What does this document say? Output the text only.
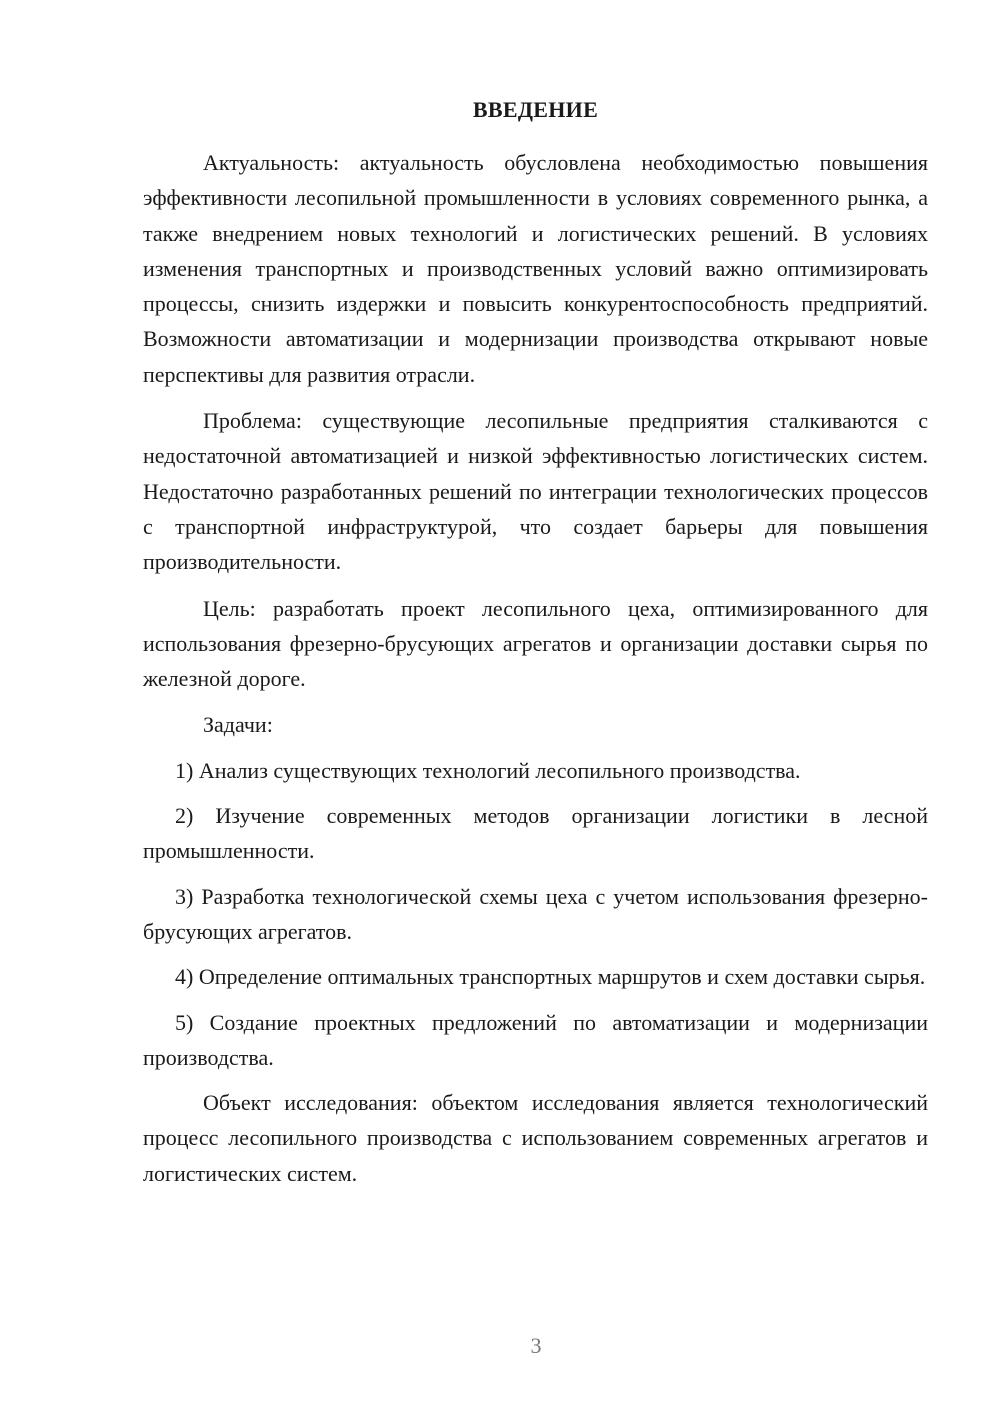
ВВЕДЕНИЕ

Актуальность: актуальность обусловлена необходимостью повышения эффективности лесопильной промышленности в условиях современного рынка, а также внедрением новых технологий и логистических решений. В условиях изменения транспортных и производственных условий важно оптимизировать процессы, снизить издержки и повысить конкурентоспособность предприятий. Возможности автоматизации и модернизации производства открывают новые перспективы для развития отрасли.

Проблема: существующие лесопильные предприятия сталкиваются с недостаточной автоматизацией и низкой эффективностью логистических систем. Недостаточно разработанных решений по интеграции технологических процессов с транспортной инфраструктурой, что создает барьеры для повышения производительности.

Цель: разработать проект лесопильного цеха, оптимизированного для использования фрезерно-брусующих агрегатов и организации доставки сырья по железной дороге.

Задачи:

1) Анализ существующих технологий лесопильного производства.

2) Изучение современных методов организации логистики в лесной промышленности.

3) Разработка технологической схемы цеха с учетом использования фрезерно-брусующих агрегатов.

4) Определение оптимальных транспортных маршрутов и схем доставки сырья.

5) Создание проектных предложений по автоматизации и модернизации производства.

Объект исследования: объектом исследования является технологический процесс лесопильного производства с использованием современных агрегатов и логистических систем.

3
